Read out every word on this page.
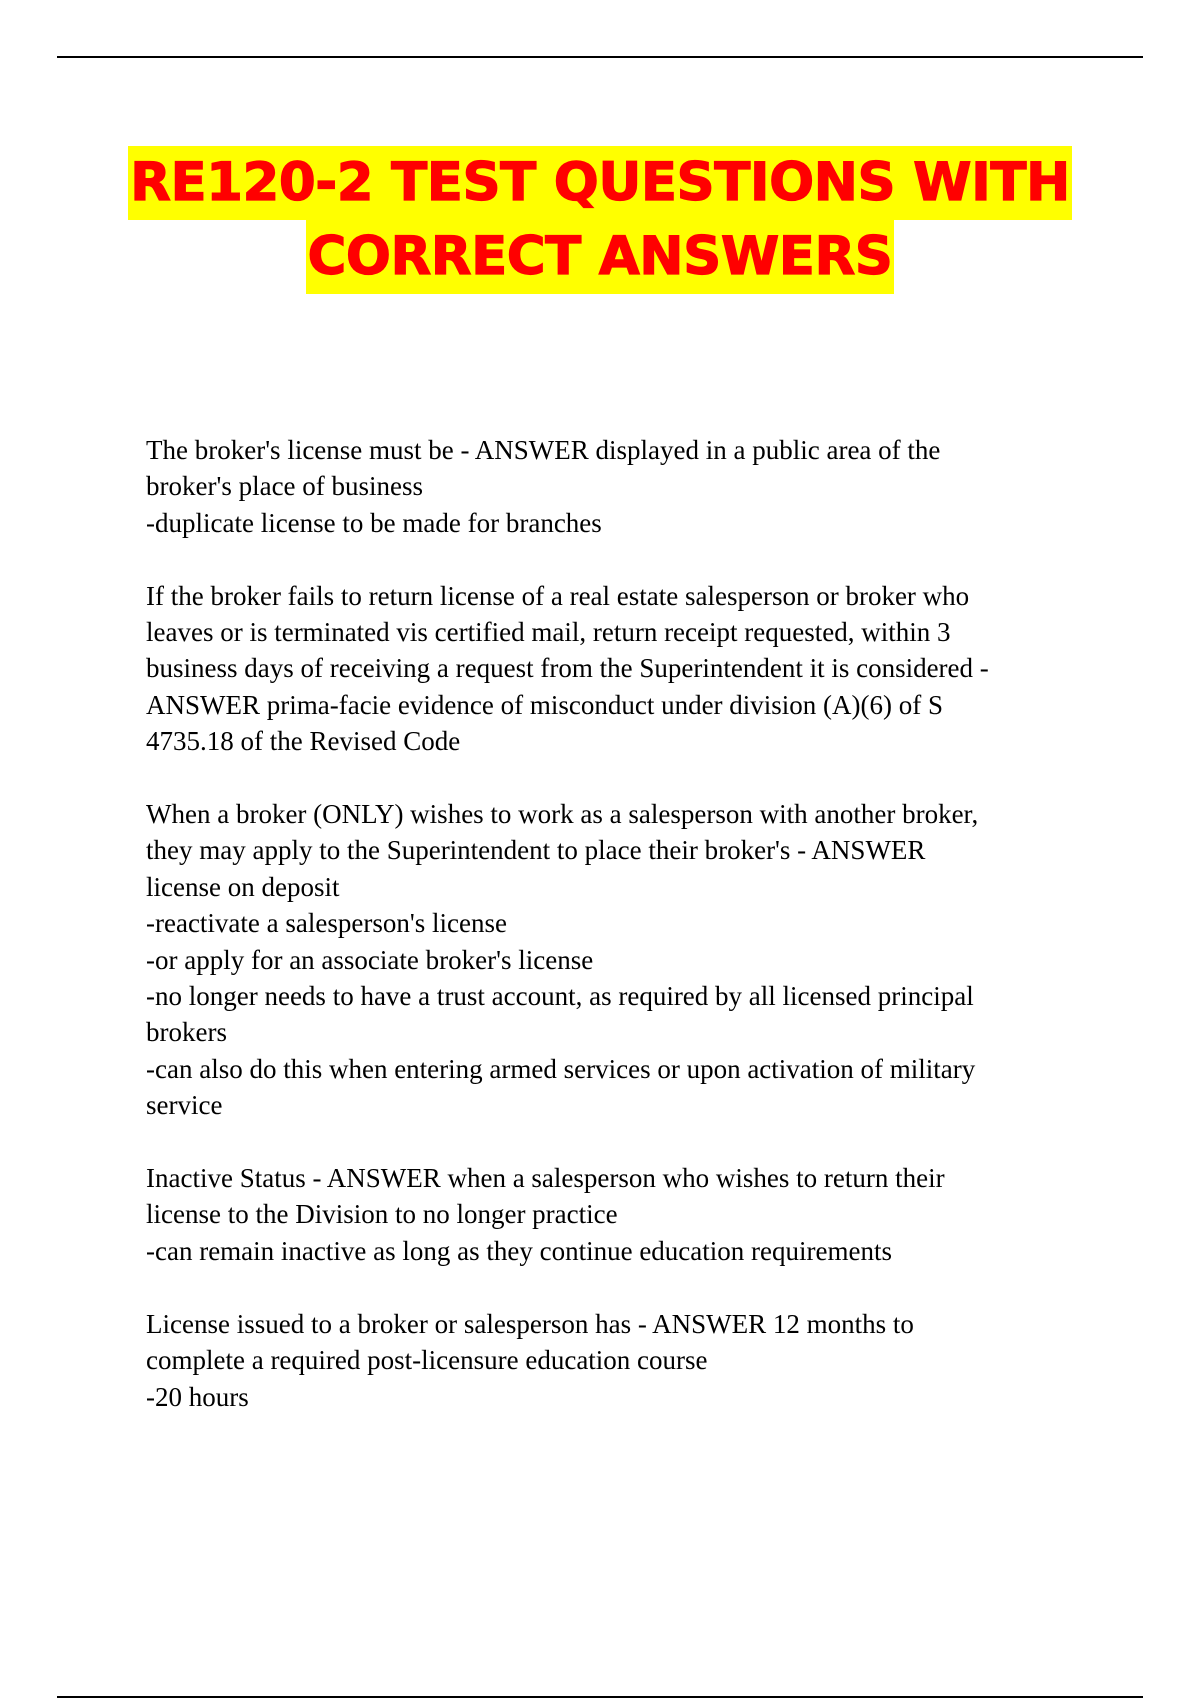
RE120-2 TEST QUESTIONS WITH
CORRECT ANSWERS

The broker's license must be - ANSWER displayed in a public area of the

broker's place of business

-duplicate license to be made for branches

If the broker fails to return license of a real estate salesperson or broker who

leaves or is terminated vis certified mail, return receipt requested, within 3

business days of receiving a request from the Superintendent it is considered -

ANSWER prima-facie evidence of misconduct under division (A)(6) of S

4735.18 of the Revised Code

When a broker (ONLY) wishes to work as a salesperson with another broker,

they may apply to the Superintendent to place their broker's - ANSWER

license on deposit

-reactivate a salesperson's license

-or apply for an associate broker's license

-no longer needs to have a trust account, as required by all licensed principal

brokers

-can also do this when entering armed services or upon activation of military

service

Inactive Status - ANSWER when a salesperson who wishes to return their

license to the Division to no longer practice

-can remain inactive as long as they continue education requirements

License issued to a broker or salesperson has - ANSWER 12 months to

complete a required post-licensure education course

-20 hours
